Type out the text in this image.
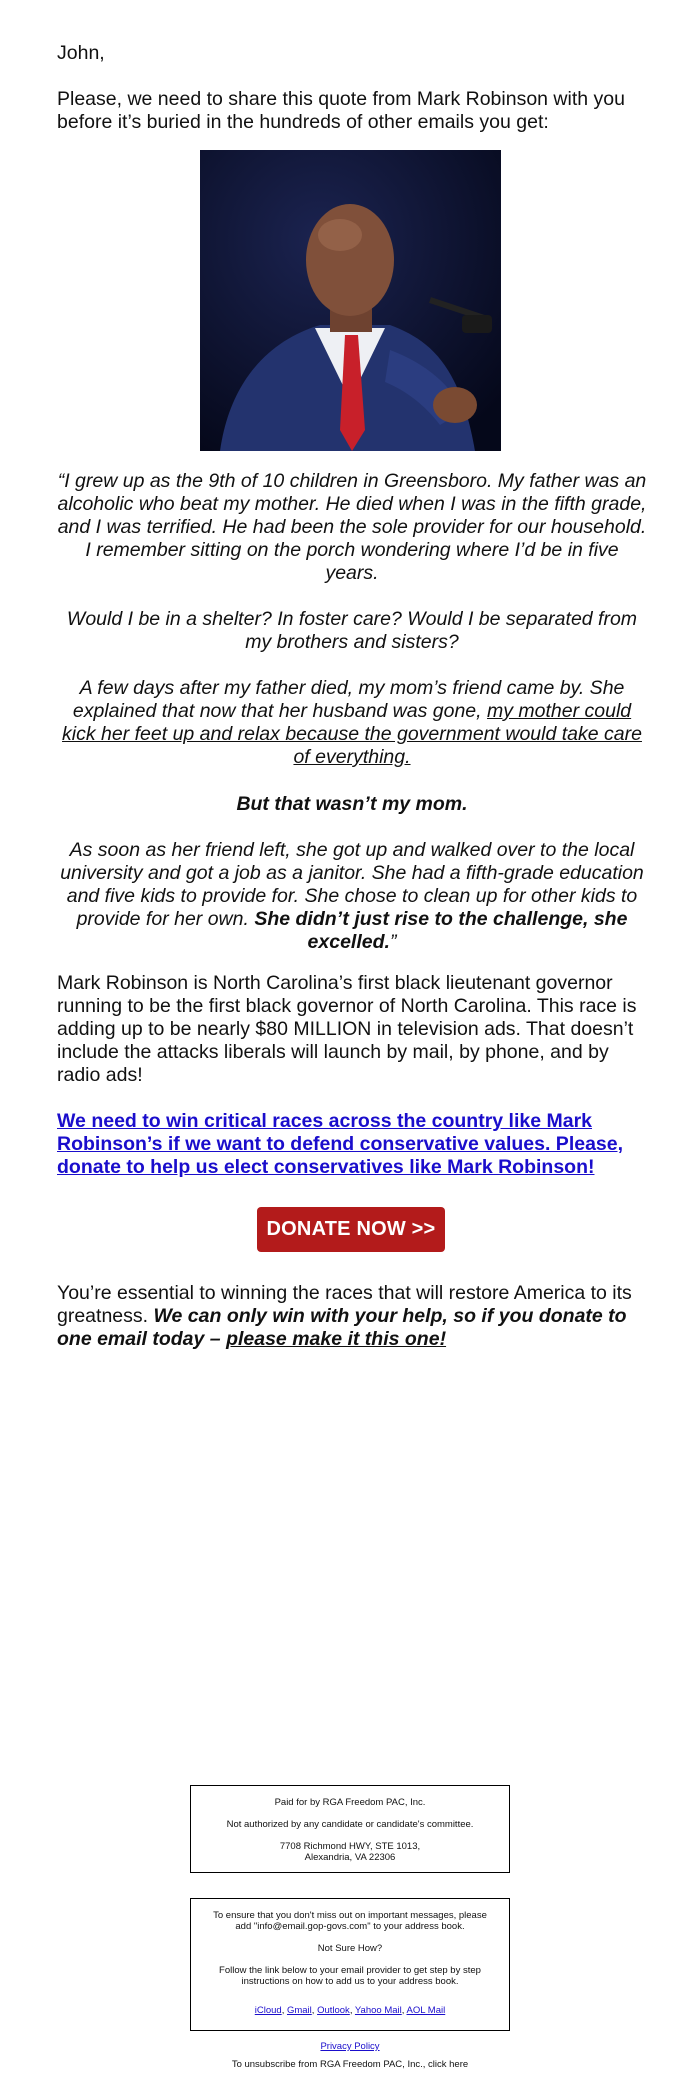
John,

Please, we need to share this quote from Mark Robinson with you before it’s buried in the hundreds of other emails you get:

“I grew up as the 9th of 10 children in Greensboro. My father was an alcoholic who beat my mother. He died when I was in the fifth grade, and I was terrified. He had been the sole provider for our household. I remember sitting on the porch wondering where I’d be in five years.

Would I be in a shelter? In foster care? Would I be separated from my brothers and sisters?

A few days after my father died, my mom’s friend came by. She explained that now that her husband was gone, my mother could kick her feet up and relax because the government would take care of everything.

But that wasn’t my mom.

As soon as her friend left, she got up and walked over to the local university and got a job as a janitor. She had a fifth-grade education and five kids to provide for. She chose to clean up for other kids to provide for her own. She didn’t just rise to the challenge, she excelled.”

Mark Robinson is North Carolina’s first black lieutenant governor running to be the first black governor of North Carolina. This race is adding up to be nearly $80 MILLION in television ads. That doesn’t include the attacks liberals will launch by mail, by phone, and by radio ads!

We need to win critical races across the country like Mark Robinson’s if we want to defend conservative values. Please, donate to help us elect conservatives like Mark Robinson!

DONATE NOW >>

You’re essential to winning the races that will restore America to its greatness. We can only win with your help, so if you donate to one email today – please make it this one!

Paid for by RGA Freedom PAC, Inc.

Not authorized by any candidate or candidate's committee.

7708 Richmond HWY, STE 1013,

Alexandria, VA 22306

To ensure that you don't miss out on important messages, please add "info@email.gop-govs.com" to your address book.

Not Sure How?

Follow the link below to your email provider to get step by step instructions on how to add us to your address book.

iCloud, Gmail, Outlook, Yahoo Mail, AOL Mail

Privacy Policy
To unsubscribe from RGA Freedom PAC, Inc., click here
